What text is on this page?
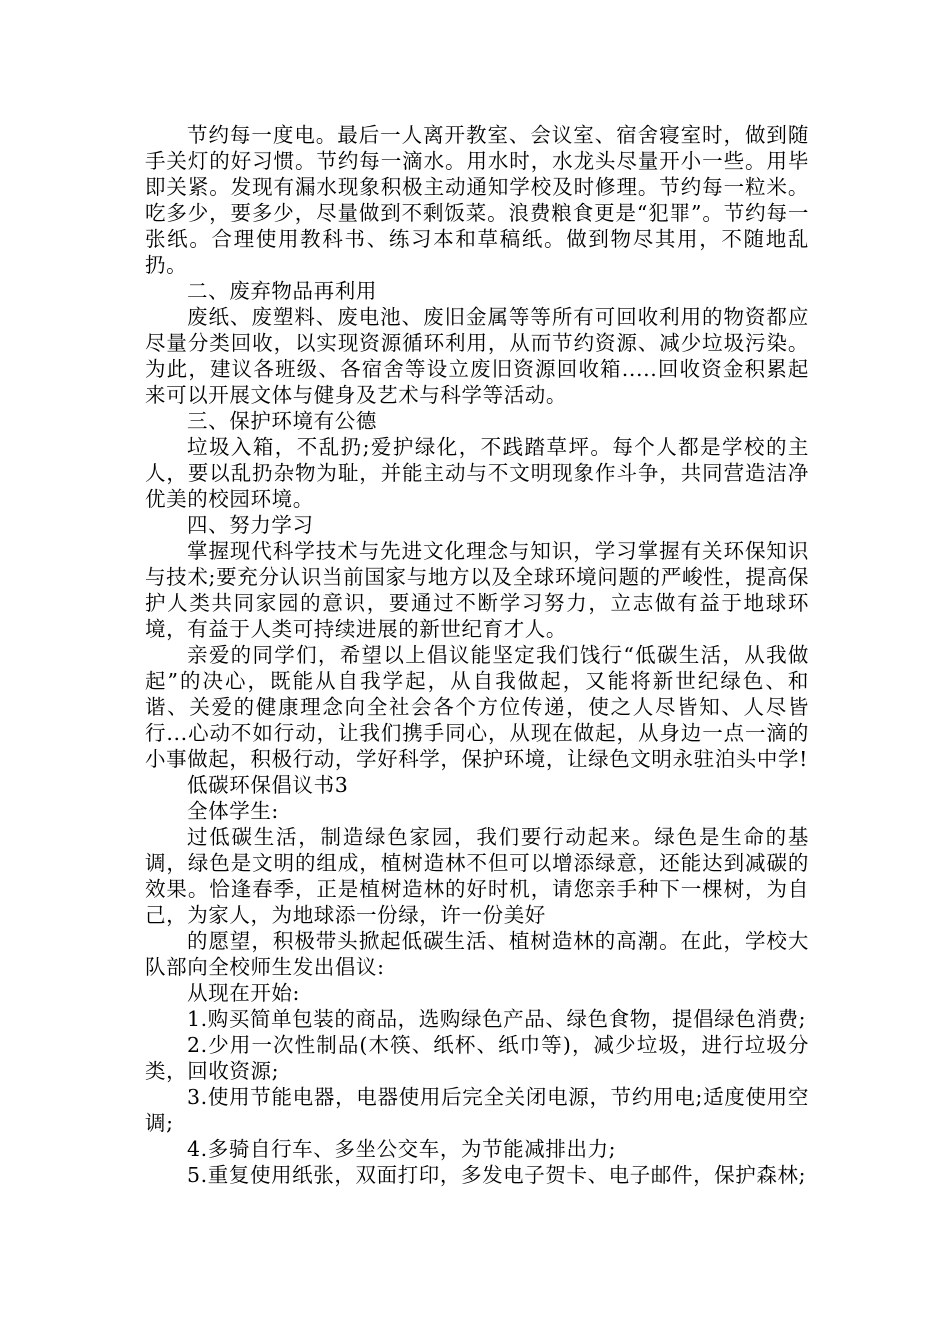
节约每一度电。最后一人离开教室、会议室、宿舍寝室时，做到随手关灯的好习惯。节约每一滴水。用水时，水龙头尽量开小一些。用毕即关紧。发现有漏水现象积极主动通知学校及时修理。节约每一粒米。吃多少，要多少，尽量做到不剩饭菜。浪费粮食更是“犯罪”。节约每一张纸。合理使用教科书、练习本和草稿纸。做到物尽其用，不随地乱扔。

二、废弃物品再利用

废纸、废塑料、废电池、废旧金属等等所有可回收利用的物资都应尽量分类回收，以实现资源循环利用，从而节约资源、减少垃圾污染。为此，建议各班级、各宿舍等设立废旧资源回收箱.....回收资金积累起来可以开展文体与健身及艺术与科学等活动。

三、保护环境有公德

垃圾入箱，不乱扔;爱护绿化，不践踏草坪。每个人都是学校的主人，要以乱扔杂物为耻，并能主动与不文明现象作斗争，共同营造洁净优美的校园环境。

四、努力学习

掌握现代科学技术与先进文化理念与知识，学习掌握有关环保知识与技术;要充分认识当前国家与地方以及全球环境问题的严峻性，提高保护人类共同家园的意识，要通过不断学习努力，立志做有益于地球环境，有益于人类可持续进展的新世纪育才人。

亲爱的同学们，希望以上倡议能坚定我们饯行“低碳生活，从我做起”的决心，既能从自我学起，从自我做起，又能将新世纪绿色、和谐、关爱的健康理念向全社会各个方位传递，使之人尽皆知、人尽皆行...心动不如行动，让我们携手同心，从现在做起，从身边一点一滴的小事做起，积极行动，学好科学，保护环境，让绿色文明永驻泊头中学!

低碳环保倡议书3

全体学生:

过低碳生活，制造绿色家园，我们要行动起来。绿色是生命的基调，绿色是文明的组成，植树造林不但可以增添绿意，还能达到减碳的效果。恰逢春季，正是植树造林的好时机，请您亲手种下一棵树，为自己，为家人，为地球添一份绿，许一份美好

的愿望，积极带头掀起低碳生活、植树造林的高潮。在此，学校大队部向全校师生发出倡议:

从现在开始:

1.购买简单包装的商品，选购绿色产品、绿色食物，提倡绿色消费;

2.少用一次性制品(木筷、纸杯、纸巾等)，减少垃圾，进行垃圾分类，回收资源;

3.使用节能电器，电器使用后完全关闭电源，节约用电;适度使用空调;

4.多骑自行车、多坐公交车，为节能减排出力;

5.重复使用纸张，双面打印，多发电子贺卡、电子邮件，保护森林;
